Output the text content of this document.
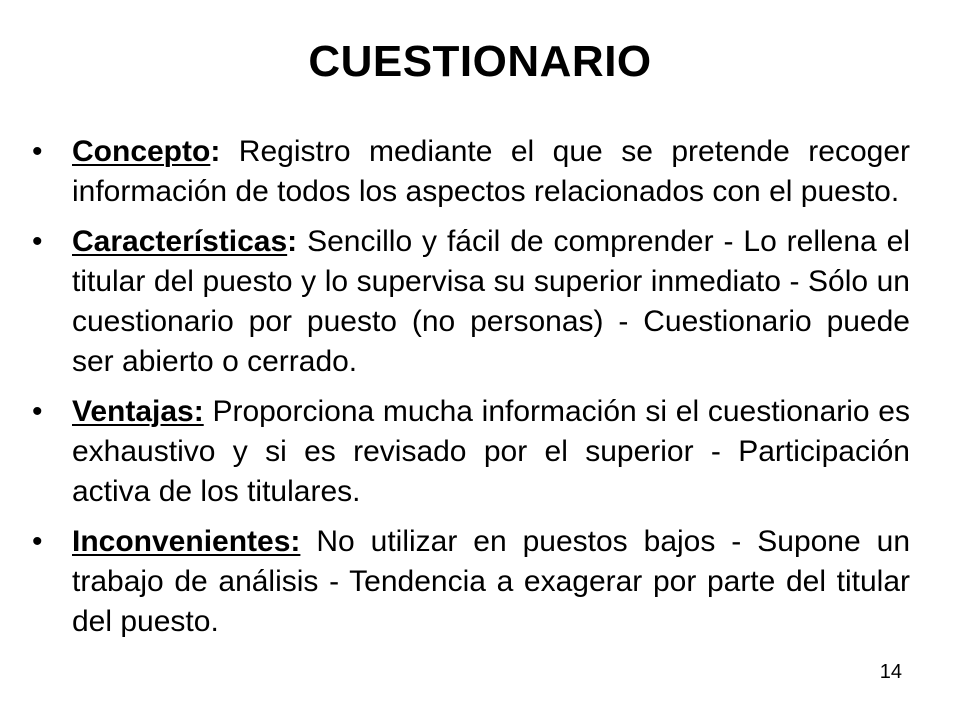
CUESTIONARIO
• Concepto: Registro mediante el que se pretende recoger información de todos los aspectos relacionados con el puesto.
• Características: Sencillo y fácil de comprender - Lo rellena el titular del puesto y lo supervisa su superior inmediato - Sólo un cuestionario por puesto (no personas) - Cuestionario puede ser abierto o cerrado.
• Ventajas: Proporciona mucha información si el cuestionario es exhaustivo y si es revisado por el superior - Participación activa de los titulares.
• Inconvenientes: No utilizar en puestos bajos - Supone un trabajo de análisis - Tendencia a exagerar por parte del titular del puesto.
14
